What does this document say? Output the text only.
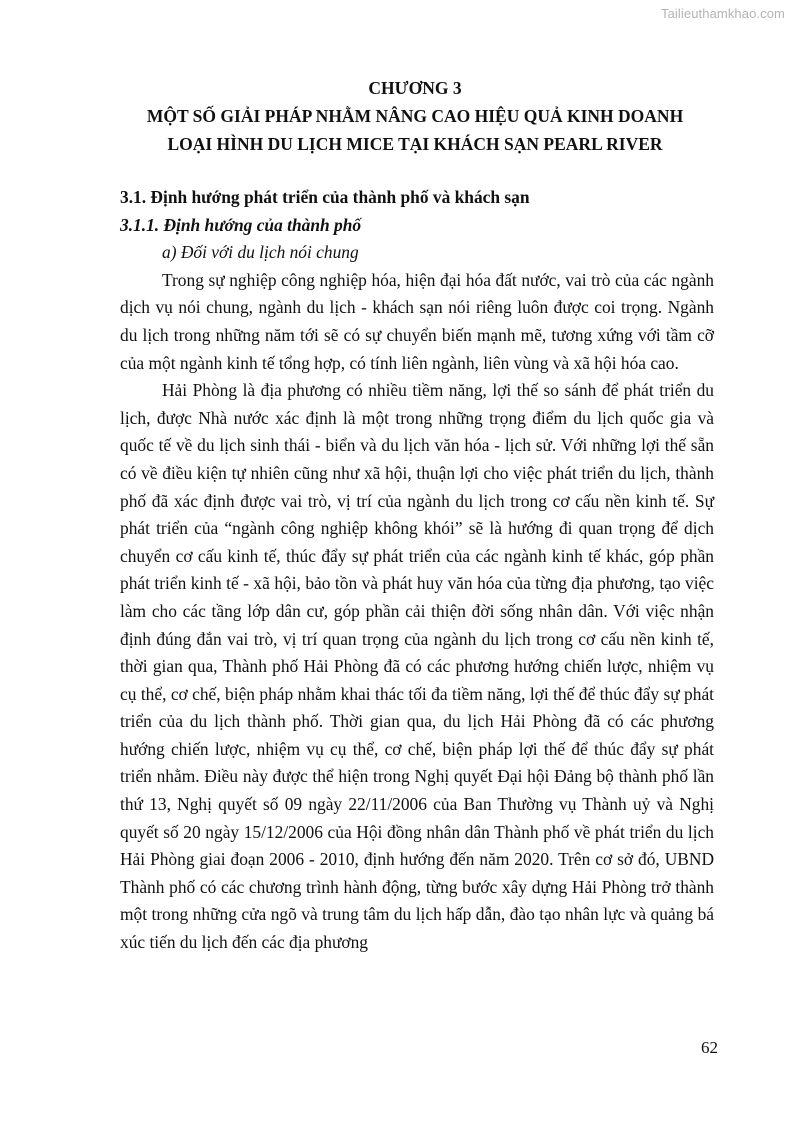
Tailieuthamkhao.com
CHƯƠNG 3
MỘT SỐ GIẢI PHÁP NHẰM NÂNG CAO HIỆU QUẢ KINH DOANH
LOẠI HÌNH DU LỊCH MICE TẠI KHÁCH SẠN PEARL RIVER
3.1. Định hướng phát triển của thành phố và khách sạn
3.1.1. Định hướng của thành phố
a) Đối với du lịch nói chung

Trong sự nghiệp công nghiệp hóa, hiện đại hóa đất nước, vai trò của các ngành dịch vụ nói chung, ngành du lịch - khách sạn nói riêng luôn được coi trọng. Ngành du lịch trong những năm tới sẽ có sự chuyển biến mạnh mẽ, tương xứng với tầm cỡ của một ngành kinh tế tổng hợp, có tính liên ngành, liên vùng và xã hội hóa cao.

Hải Phòng là địa phương có nhiều tiềm năng, lợi thế so sánh để phát triển du lịch, được Nhà nước xác định là một trong những trọng điểm du lịch quốc gia và quốc tế về du lịch sinh thái - biển và du lịch văn hóa - lịch sử. Với những lợi thế sẵn có về điều kiện tự nhiên cũng như xã hội, thuận lợi cho việc phát triển du lịch, thành phố đã xác định được vai trò, vị trí của ngành du lịch trong cơ cấu nền kinh tế. Sự phát triển của “ngành công nghiệp không khói” sẽ là hướng đi quan trọng để dịch chuyển cơ cấu kinh tế, thúc đẩy sự phát triển của các ngành kinh tế khác, góp phần phát triển kinh tế - xã hội, bảo tồn và phát huy văn hóa của từng địa phương, tạo việc làm cho các tầng lớp dân cư, góp phần cải thiện đời sống nhân dân. Với việc nhận định đúng đắn vai trò, vị trí quan trọng của ngành du lịch trong cơ cấu nền kinh tế, thời gian qua, Thành phố Hải Phòng đã có các phương hướng chiến lược, nhiệm vụ cụ thể, cơ chế, biện pháp nhằm khai thác tối đa tiềm năng, lợi thế để thúc đẩy sự phát triển của du lịch thành phố. Thời gian qua, du lịch Hải Phòng đã có các phương hướng chiến lược, nhiệm vụ cụ thể, cơ chế, biện pháp lợi thế để thúc đẩy sự phát triển nhằm. Điều này được thể hiện trong Nghị quyết Đại hội Đảng bộ thành phố lần thứ 13, Nghị quyết số 09 ngày 22/11/2006 của Ban Thường vụ Thành uỷ và Nghị quyết số 20 ngày 15/12/2006 của Hội đồng nhân dân Thành phố về phát triển du lịch Hải Phòng giai đoạn 2006 - 2010, định hướng đến năm 2020. Trên cơ sở đó, UBND Thành phố có các chương trình hành động, từng bước xây dựng Hải Phòng trở thành một trong những cửa ngõ và trung tâm du lịch hấp dẫn, đào tạo nhân lực và quảng bá xúc tiến du lịch đến các địa phương

62
